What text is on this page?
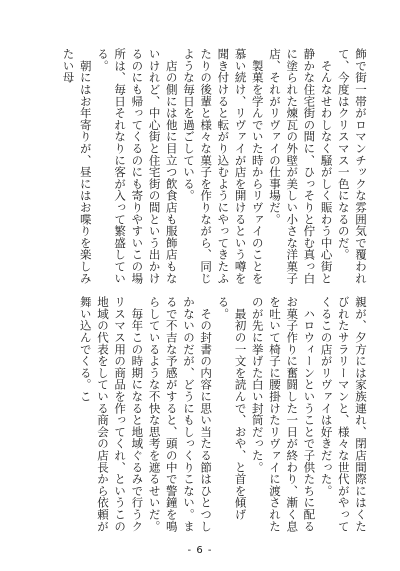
飾で街一帯がロマンチックな雰囲気で覆われて、今度はクリスマス一色になるのだ。
　そんなせわしなく騒がしく賑わう中心街と静かな住宅街の間に、ひっそりと佇む真っ白に塗られた煉瓦の外壁が美しい小さな洋菓子店、それがリヴァイの仕事場だ。
　製菓を学んでいた時からリヴァイのことを慕い続け、リヴァイが店を開けるという噂を聞き付けると転がり込むようにやってきたふたりの後輩と様々な菓子を作りながら、同じような毎日を過ごしている。
　店の側には他に目立つ飲食店も服飾店もないけれど、中心街と住宅街の間という出かけるのにも帰ってくるのにも寄りやすいこの場所は、毎日それなりに客が入って繁盛している。
　朝にはお年寄りが、昼にはお喋りを楽しみたい母
親が、夕方には家族連れ、閉店間際にはくたびれたサラリーマンと、様々な世代がやってくるこの店がリヴァイは好きだった。
　ハロウィーンということで子供たちに配るお菓子作りに奮闘した一日が終わり、漸く息を吐いて椅子に腰掛けたリヴァイに渡されたのが先に挙げた白い封筒だった。
　最初の一文を読んで、おや、と首を傾げる。
　その封書の内容に思い当たる節はひとつしかないのだが、どうにもしっくりこない。まるで不吉な予感がすると、頭の中で警鐘を鳴らしているような不快な思考を遮るせいだ。
　毎年この時期になると地域ぐるみで行うクリスマス用の商品を作ってくれ、というこの地域の代表をしている商会の店長から依頼が舞い込んでくる。こ
- 6 -
